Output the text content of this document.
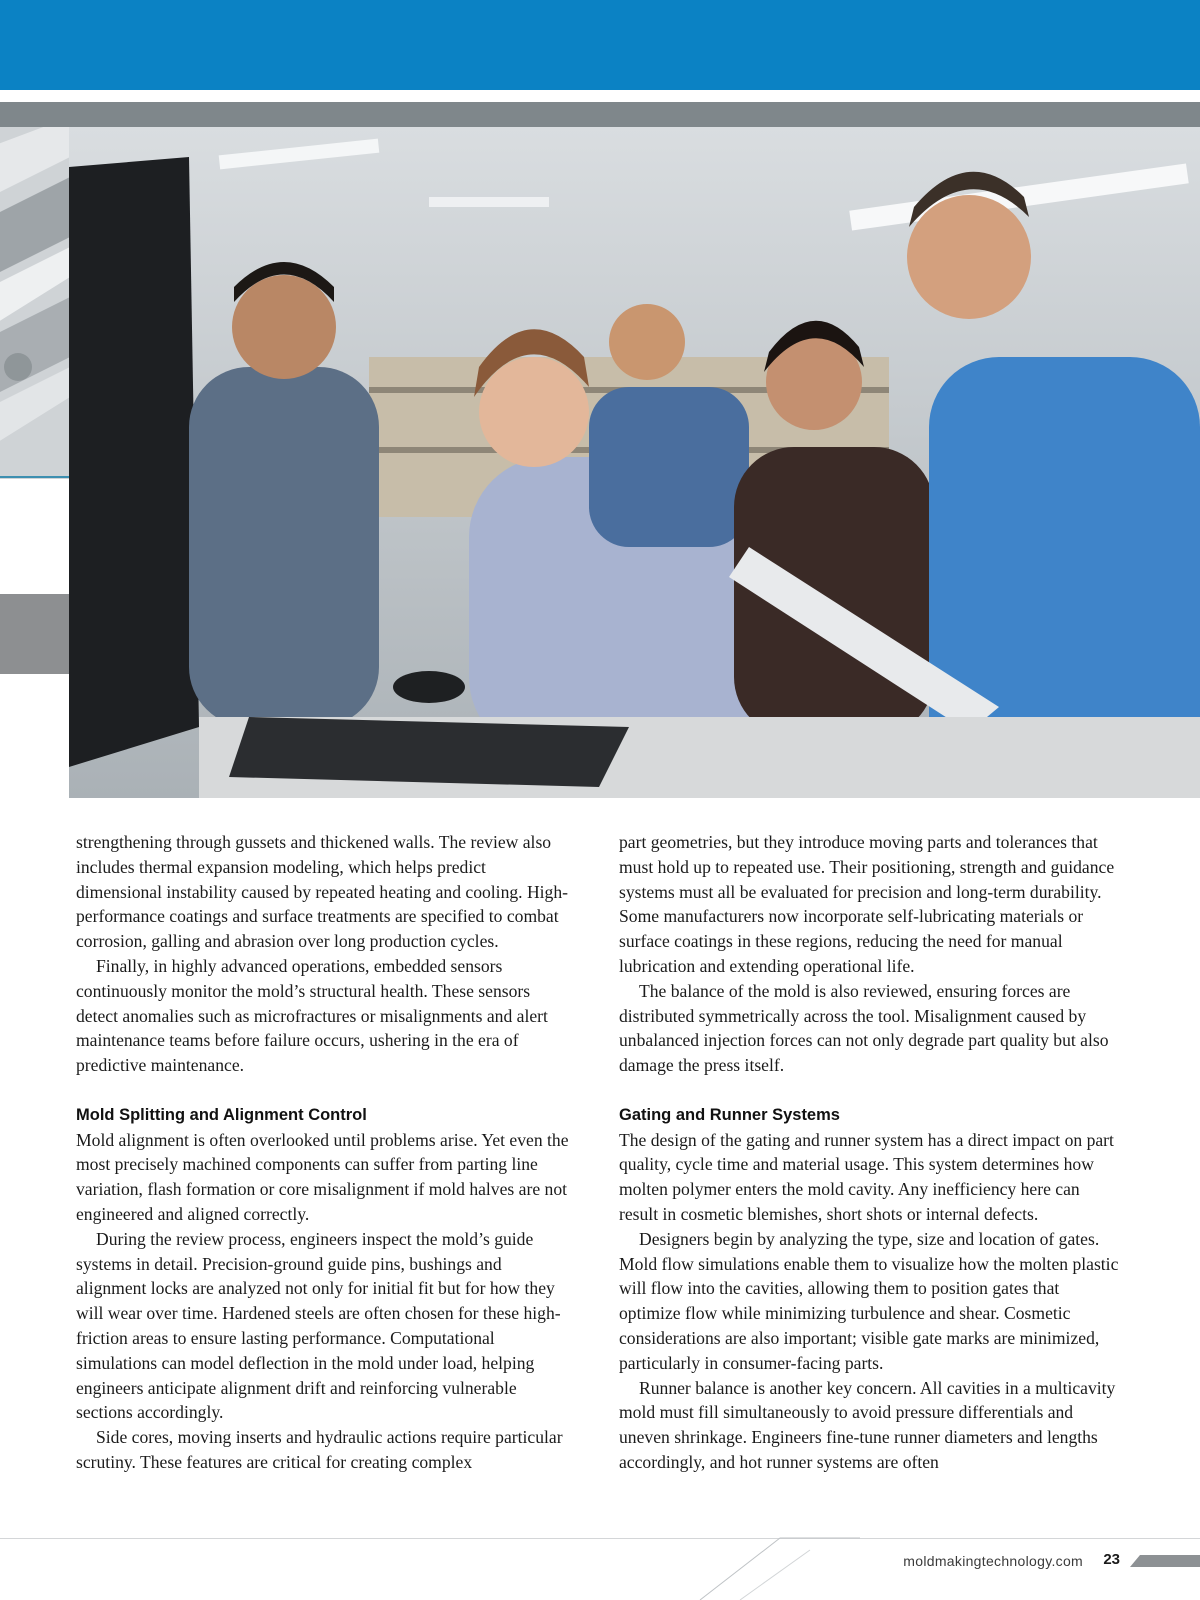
strengthening through gussets and thickened walls. The review also includes thermal expansion modeling, which helps predict dimensional instability caused by repeated heating and cooling. High-performance coatings and surface treatments are specified to combat corrosion, galling and abrasion over long production cycles.

Finally, in highly advanced operations, embedded sensors continuously monitor the mold’s structural health. These sensors detect anomalies such as microfractures or misalignments and alert maintenance teams before failure occurs, ushering in the era of predictive maintenance.

Mold Splitting and Alignment Control

Mold alignment is often overlooked until problems arise. Yet even the most precisely machined components can suffer from parting line variation, flash formation or core misalignment if mold halves are not engineered and aligned correctly.

During the review process, engineers inspect the mold’s guide systems in detail. Precision-ground guide pins, bushings and alignment locks are analyzed not only for initial fit but for how they will wear over time. Hardened steels are often chosen for these high-friction areas to ensure lasting performance. Computational simulations can model deflection in the mold under load, helping engineers anticipate alignment drift and reinforcing vulnerable sections accordingly.

Side cores, moving inserts and hydraulic actions require particular scrutiny. These features are critical for creating complex

part geometries, but they introduce moving parts and tolerances that must hold up to repeated use. Their positioning, strength and guidance systems must all be evaluated for precision and long-term durability. Some manufacturers now incorporate self-lubricating materials or surface coatings in these regions, reducing the need for manual lubrication and extending operational life.

The balance of the mold is also reviewed, ensuring forces are distributed symmetrically across the tool. Misalignment caused by unbalanced injection forces can not only degrade part quality but also damage the press itself.

Gating and Runner Systems

The design of the gating and runner system has a direct impact on part quality, cycle time and material usage. This system determines how molten polymer enters the mold cavity. Any inefficiency here can result in cosmetic blemishes, short shots or internal defects.

Designers begin by analyzing the type, size and location of gates. Mold flow simulations enable them to visualize how the molten plastic will flow into the cavities, allowing them to position gates that optimize flow while minimizing turbulence and shear. Cosmetic considerations are also important; visible gate marks are minimized, particularly in consumer-facing parts.

Runner balance is another key concern. All cavities in a multicavity mold must fill simultaneously to avoid pressure differentials and uneven shrinkage. Engineers fine-tune runner diameters and lengths accordingly, and hot runner systems are often

moldmakingtechnology.com 23
